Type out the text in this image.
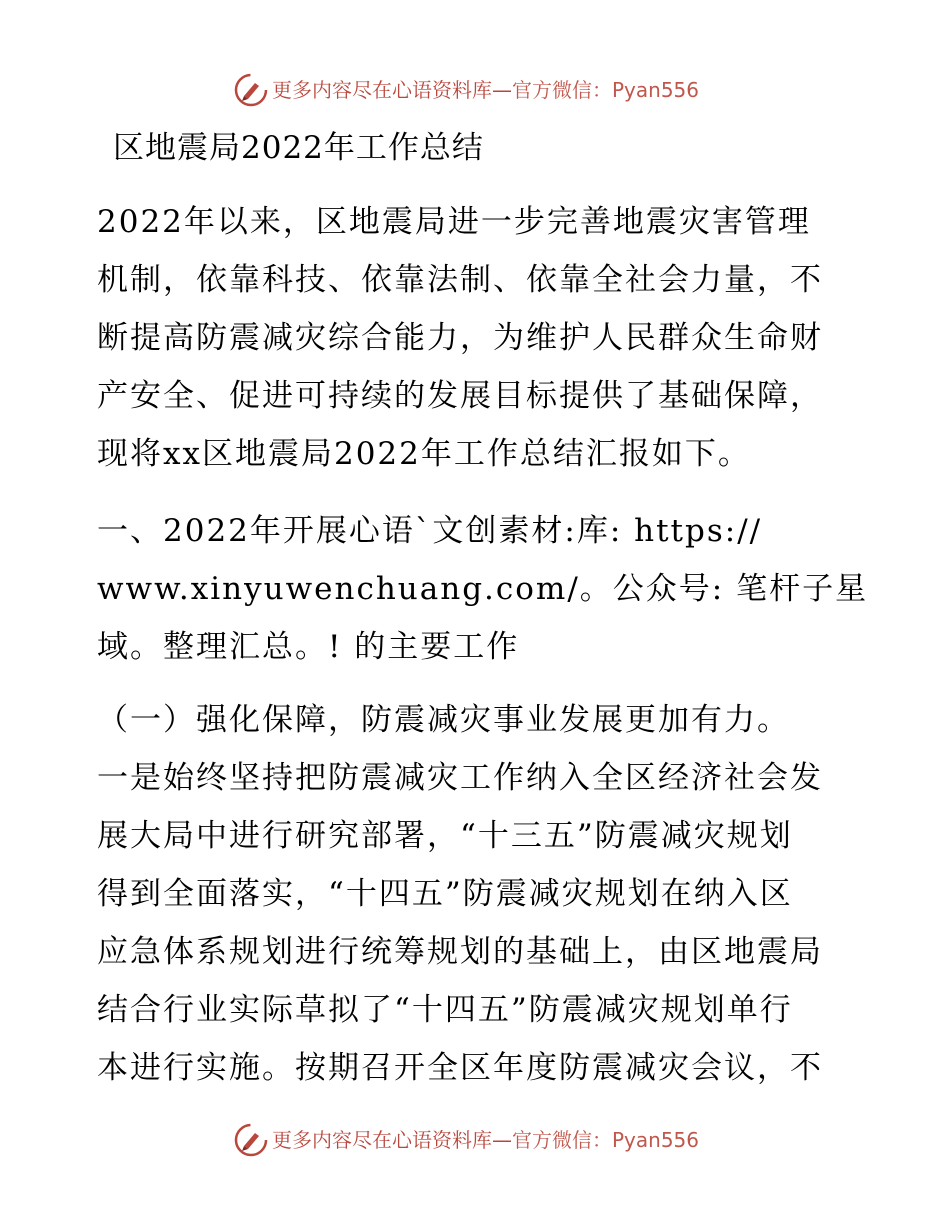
更多内容尽在心语资料库—官方微信：Pyan556
区地震局2022年工作总结
2022年以来，区地震局进一步完善地震灾害管理
机制，依靠科技、依靠法制、依靠全社会力量，不
断提高防震减灾综合能力，为维护人民群众生命财
产安全、促进可持续的发展目标提供了基础保障，
现将xx区地震局2022年工作总结汇报如下。
一、2022年开展心语`文创素材:库: https://
www.xinyuwenchuang.com/。公众号: 笔杆子星
域。整理汇总。! 的主要工作
（一）强化保障，防震减灾事业发展更加有力。
一是始终坚持把防震减灾工作纳入全区经济社会发
展大局中进行研究部署，“十三五”防震减灾规划
得到全面落实，“十四五”防震减灾规划在纳入区
应急体系规划进行统筹规划的基础上，由区地震局
结合行业实际草拟了“十四五”防震减灾规划单行
本进行实施。按期召开全区年度防震减灾会议，不
更多内容尽在心语资料库—官方微信：Pyan556
